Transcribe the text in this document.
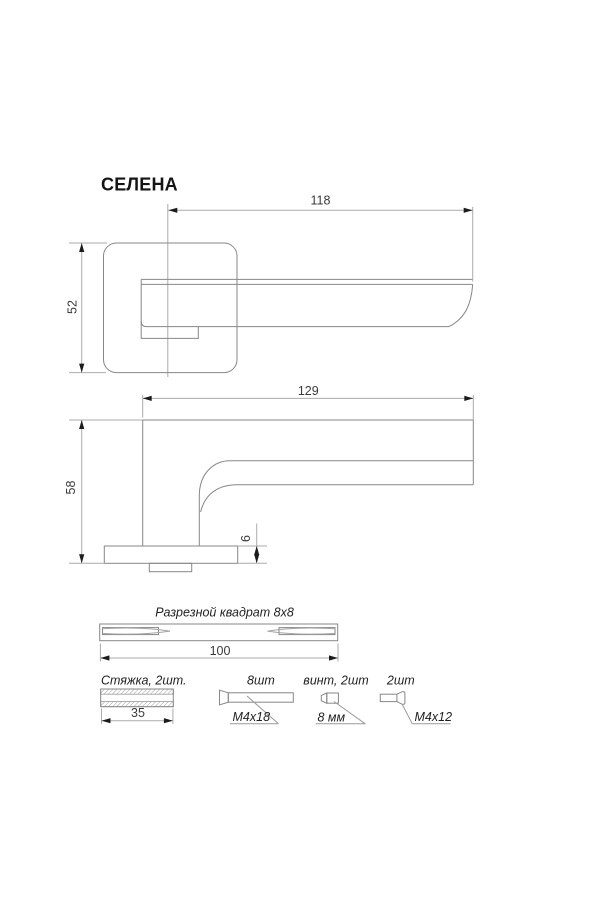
СЕЛЕНА
118
52
129
58
6
Разрезной квадрат 8х8
100
Стяжка, 2шт.
35
8шт
M4x18
винт, 2шт
8 мм
2шт
M4x12
